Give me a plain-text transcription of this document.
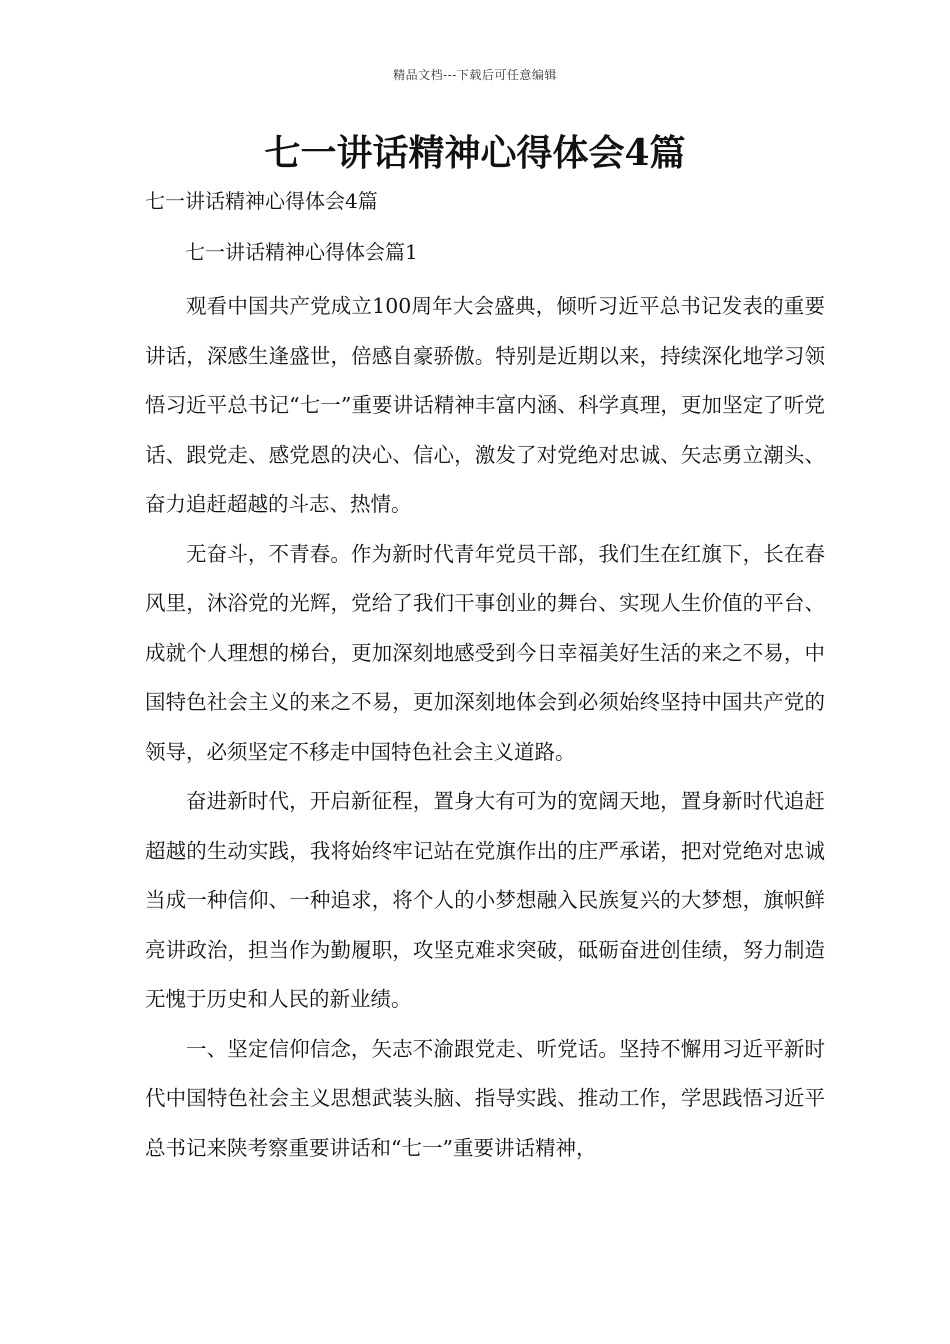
精品文档---下载后可任意编辑
七一讲话精神心得体会4篇

七一讲话精神心得体会4篇

七一讲话精神心得体会篇1

观看中国共产党成立100周年大会盛典，倾听习近平总书记发表的重要讲话，深感生逢盛世，倍感自豪骄傲。特别是近期以来，持续深化地学习领悟习近平总书记“七一”重要讲话精神丰富内涵、科学真理，更加坚定了听党话、跟党走、感党恩的决心、信心，激发了对党绝对忠诚、矢志勇立潮头、奋力追赶超越的斗志、热情。

无奋斗，不青春。作为新时代青年党员干部，我们生在红旗下，长在春风里，沐浴党的光辉，党给了我们干事创业的舞台、实现人生价值的平台、成就个人理想的梯台，更加深刻地感受到今日幸福美好生活的来之不易，中国特色社会主义的来之不易，更加深刻地体会到必须始终坚持中国共产党的领导，必须坚定不移走中国特色社会主义道路。

奋进新时代，开启新征程，置身大有可为的宽阔天地，置身新时代追赶超越的生动实践，我将始终牢记站在党旗作出的庄严承诺，把对党绝对忠诚当成一种信仰、一种追求，将个人的小梦想融入民族复兴的大梦想，旗帜鲜亮讲政治，担当作为勤履职，攻坚克难求突破，砥砺奋进创佳绩，努力制造无愧于历史和人民的新业绩。

一、坚定信仰信念，矢志不渝跟党走、听党话。坚持不懈用习近平新时代中国特色社会主义思想武装头脑、指导实践、推动工作，学思践悟习近平总书记来陕考察重要讲话和“七一”重要讲话精神，
